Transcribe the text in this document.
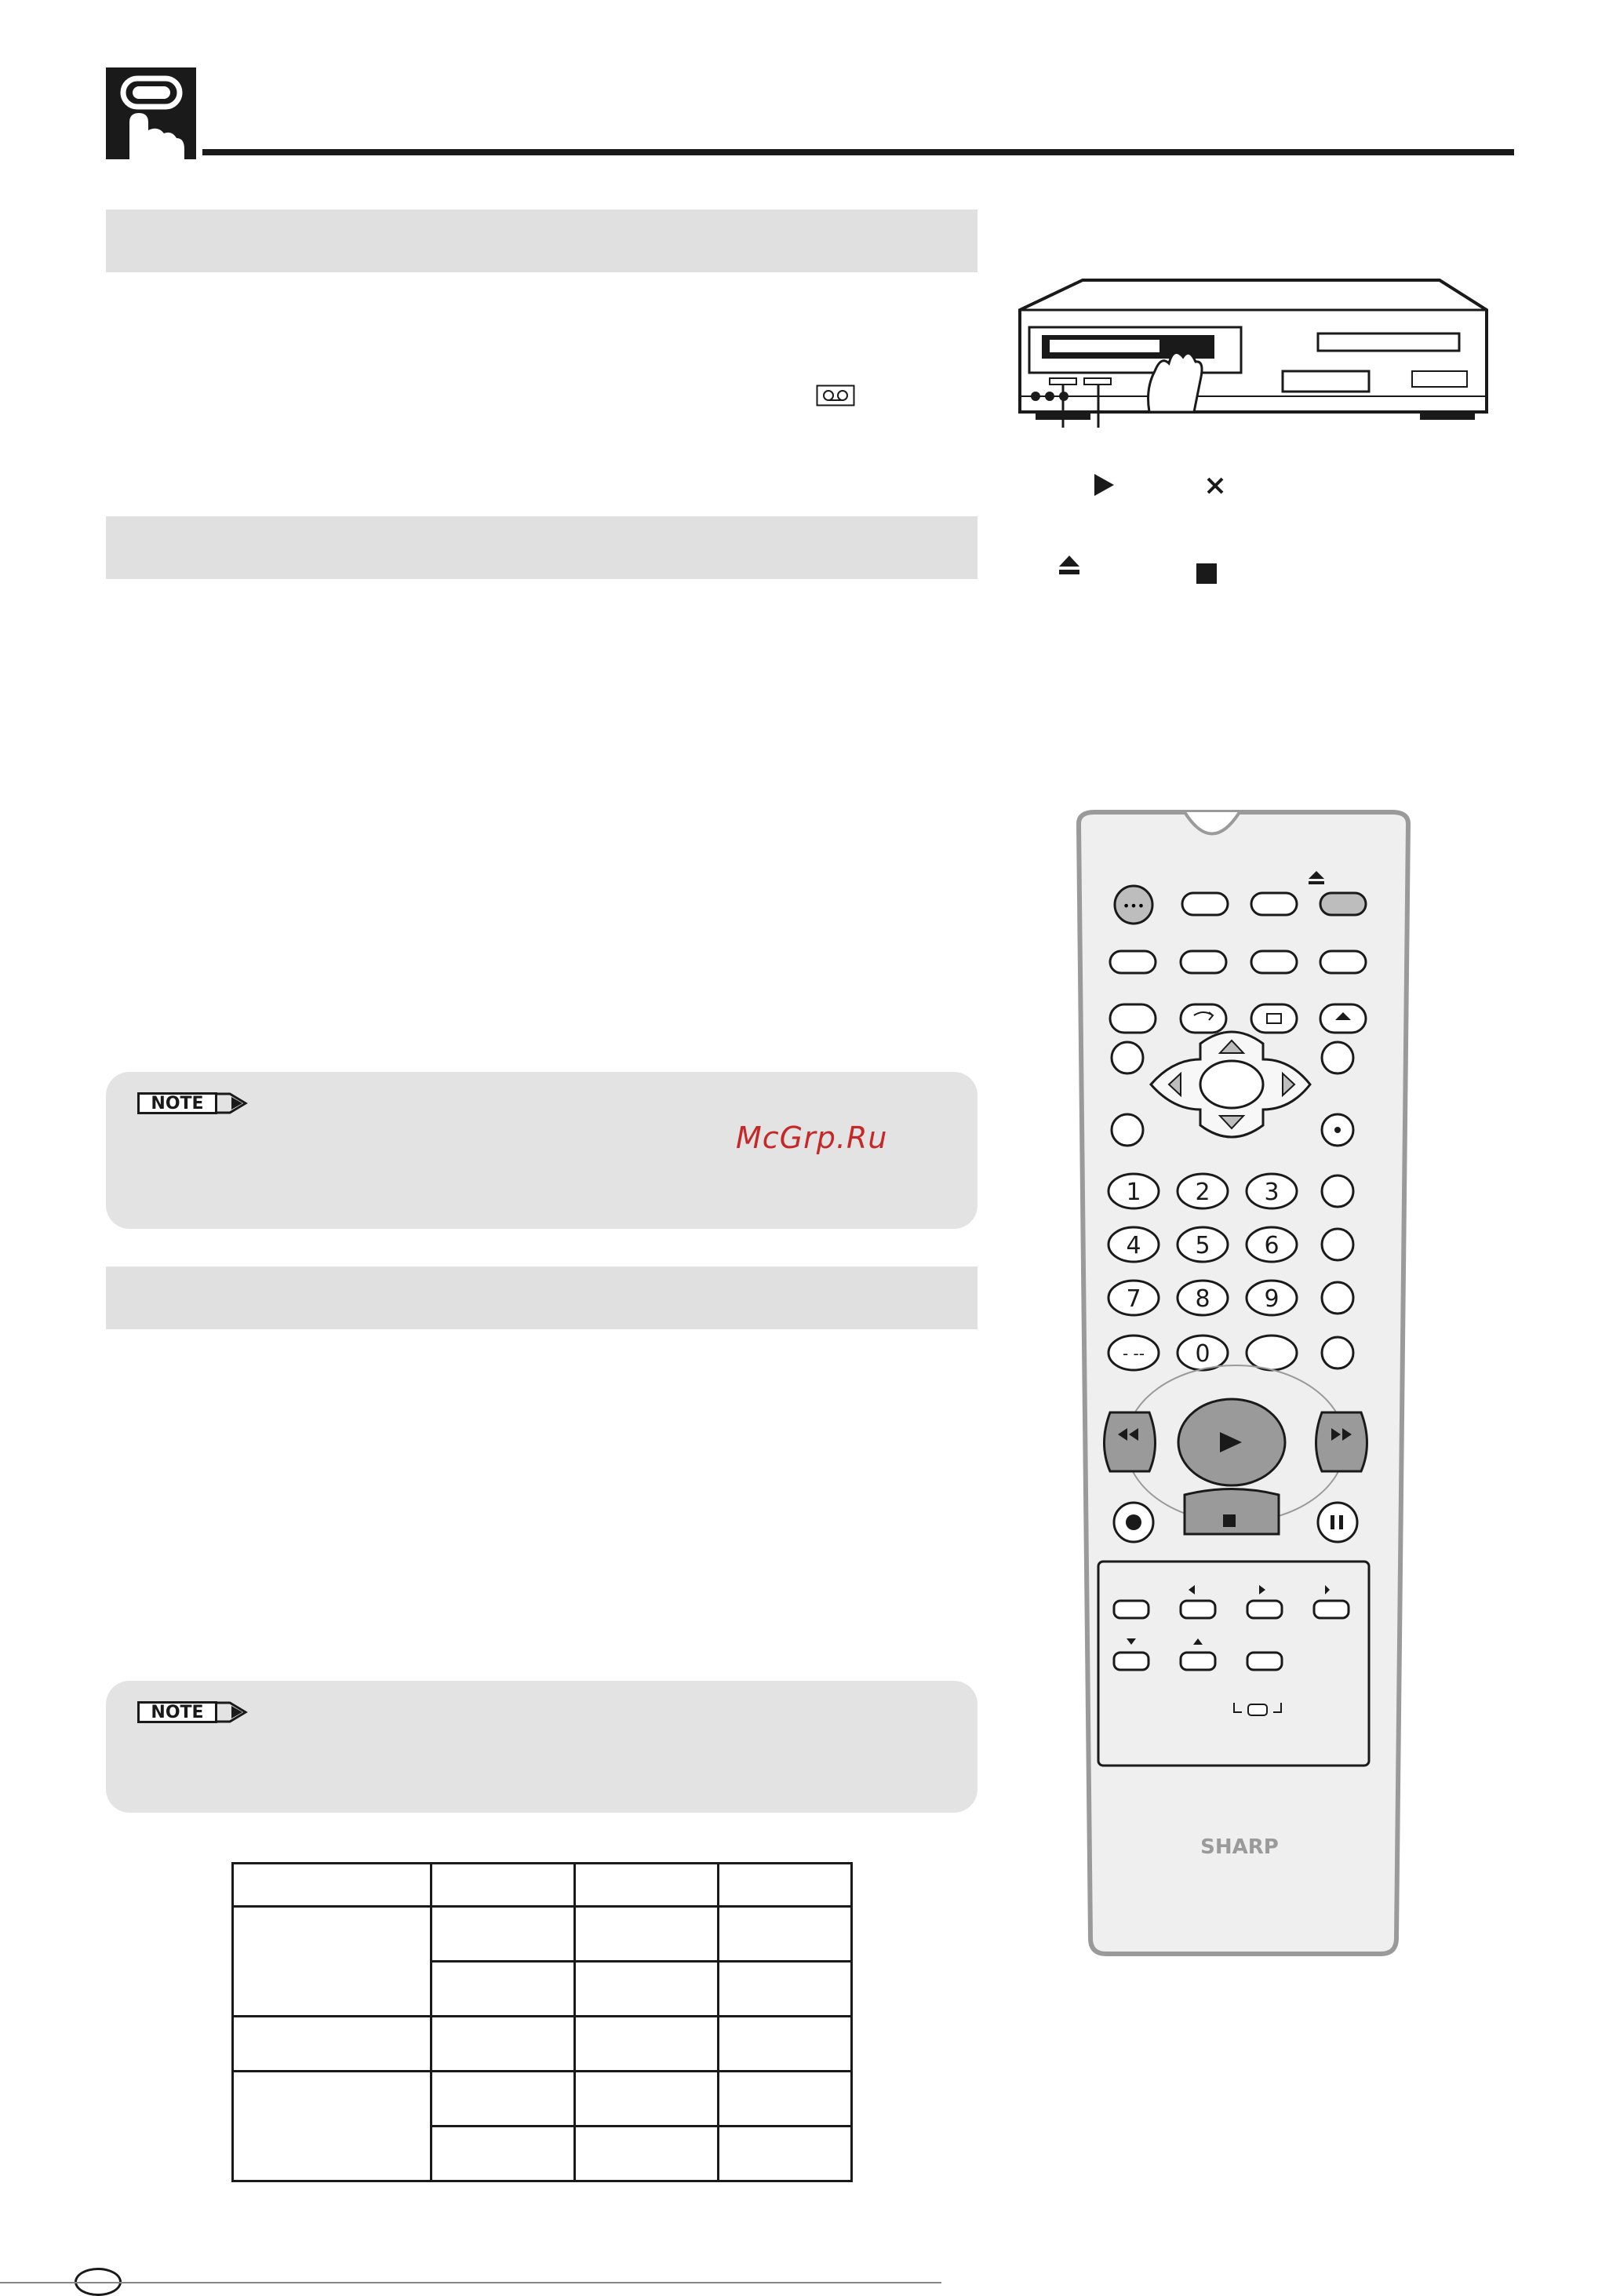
NOTE
McGrp.Ru
NOTE

•••
1 2 3
4 5 6
7 8 9
0
- --
SHARP
